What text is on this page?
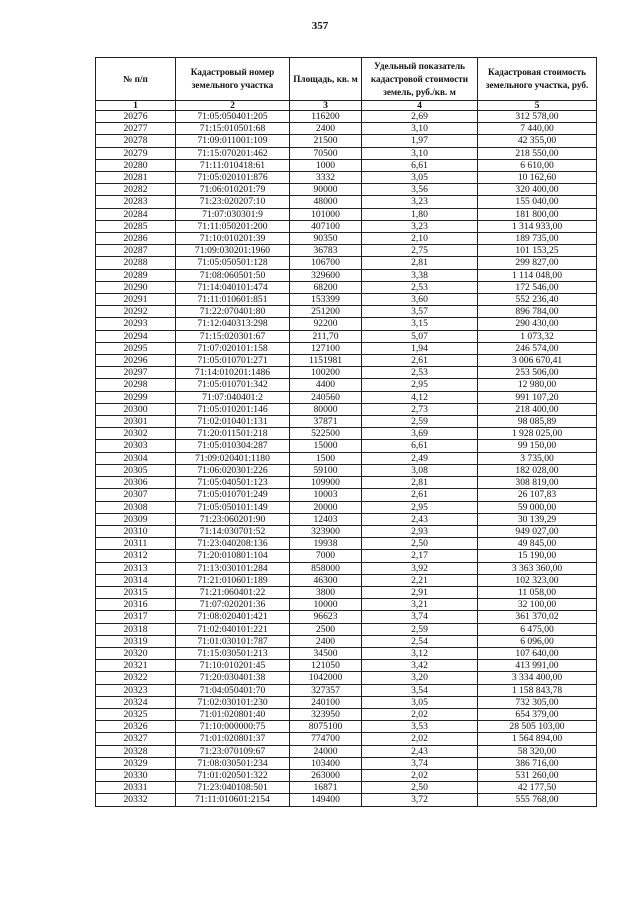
357
№ п/п	Кадастровый номер земельного участка	Площадь, кв. м	Удельный показатель кадастровой стоимости земель, руб./кв. м	Кадастровая стоимость земельного участка, руб.
1	2	3	4	5
20276	71:05:050401:205	116200	2,69	312 578,00
20277	71:15:010501:68	2400	3,10	7 440,00
20278	71:09:011001:109	21500	1,97	42 355,00
20279	71:15:070201:462	70500	3,10	218 550,00
20280	71:11:010418:61	1000	6,61	6 610,00
20281	71:05:020101:876	3332	3,05	10 162,60
20282	71:06:010201:79	90000	3,56	320 400,00
20283	71:23:020207:10	48000	3,23	155 040,00
20284	71:07:030301:9	101000	1,80	181 800,00
20285	71:11:050201:200	407100	3,23	1 314 933,00
20286	71:10:010201:39	90350	2,10	189 735,00
20287	71:09:030201:1960	36783	2,75	101 153,25
20288	71:05:050501:128	106700	2,81	299 827,00
20289	71:08:060501:50	329600	3,38	1 114 048,00
20290	71:14:040101:474	68200	2,53	172 546,00
20291	71:11:010601:851	153399	3,60	552 236,40
20292	71:22:070401:80	251200	3,57	896 784,00
20293	71:12:040313:298	92200	3,15	290 430,00
20294	71:15:020301:67	211,70	5,07	1 073,32
20295	71:07:020101:158	127100	1,94	246 574,00
20296	71:05:010701:271	1151981	2,61	3 006 670,41
20297	71:14:010201:1486	100200	2,53	253 506,00
20298	71:05:010701:342	4400	2,95	12 980,00
20299	71:07:040401:2	240560	4,12	991 107,20
20300	71:05:010201:146	80000	2,73	218 400,00
20301	71:02:010401:131	37871	2,59	98 085,89
20302	71:20:011501:218	522500	3,69	1 928 025,00
20303	71:05:010304:287	15000	6,61	99 150,00
20304	71:09:020401:1180	1500	2,49	3 735,00
20305	71:06:020301:226	59100	3,08	182 028,00
20306	71:05:040501:123	109900	2,81	308 819,00
20307	71:05:010701:249	10003	2,61	26 107,83
20308	71:05:050101:149	20000	2,95	59 000,00
20309	71:23:060201:90	12403	2,43	30 139,29
20310	71:14:030701:52	323900	2,93	949 027,00
20311	71:23:040208:136	19938	2,50	49 845,00
20312	71:20:010801:104	7000	2,17	15 190,00
20313	71:13:030101:284	858000	3,92	3 363 360,00
20314	71:21:010601:189	46300	2,21	102 323,00
20315	71:21:060401:22	3800	2,91	11 058,00
20316	71:07:020201:36	10000	3,21	32 100,00
20317	71:08:020401:421	96623	3,74	361 370,02
20318	71:02:040101:221	2500	2,59	6 475,00
20319	71:01:030101:787	2400	2,54	6 096,00
20320	71:15:030501:213	34500	3,12	107 640,00
20321	71:10:010201:45	121050	3,42	413 991,00
20322	71:20:030401:38	1042000	3,20	3 334 400,00
20323	71:04:050401:70	327357	3,54	1 158 843,78
20324	71:02:030101:230	240100	3,05	732 305,00
20325	71:01:020801:40	323950	2,02	654 379,00
20326	71:10:000000:75	8075100	3,53	28 505 103,00
20327	71:01:020801:37	774700	2,02	1 564 894,00
20328	71:23:070109:67	24000	2,43	58 320,00
20329	71:08:030501:234	103400	3,74	386 716,00
20330	71:01:020501:322	263000	2,02	531 260,00
20331	71:23:040108:501	16871	2,50	42 177,50
20332	71:11:010601:2154	149400	3,72	555 768,00
